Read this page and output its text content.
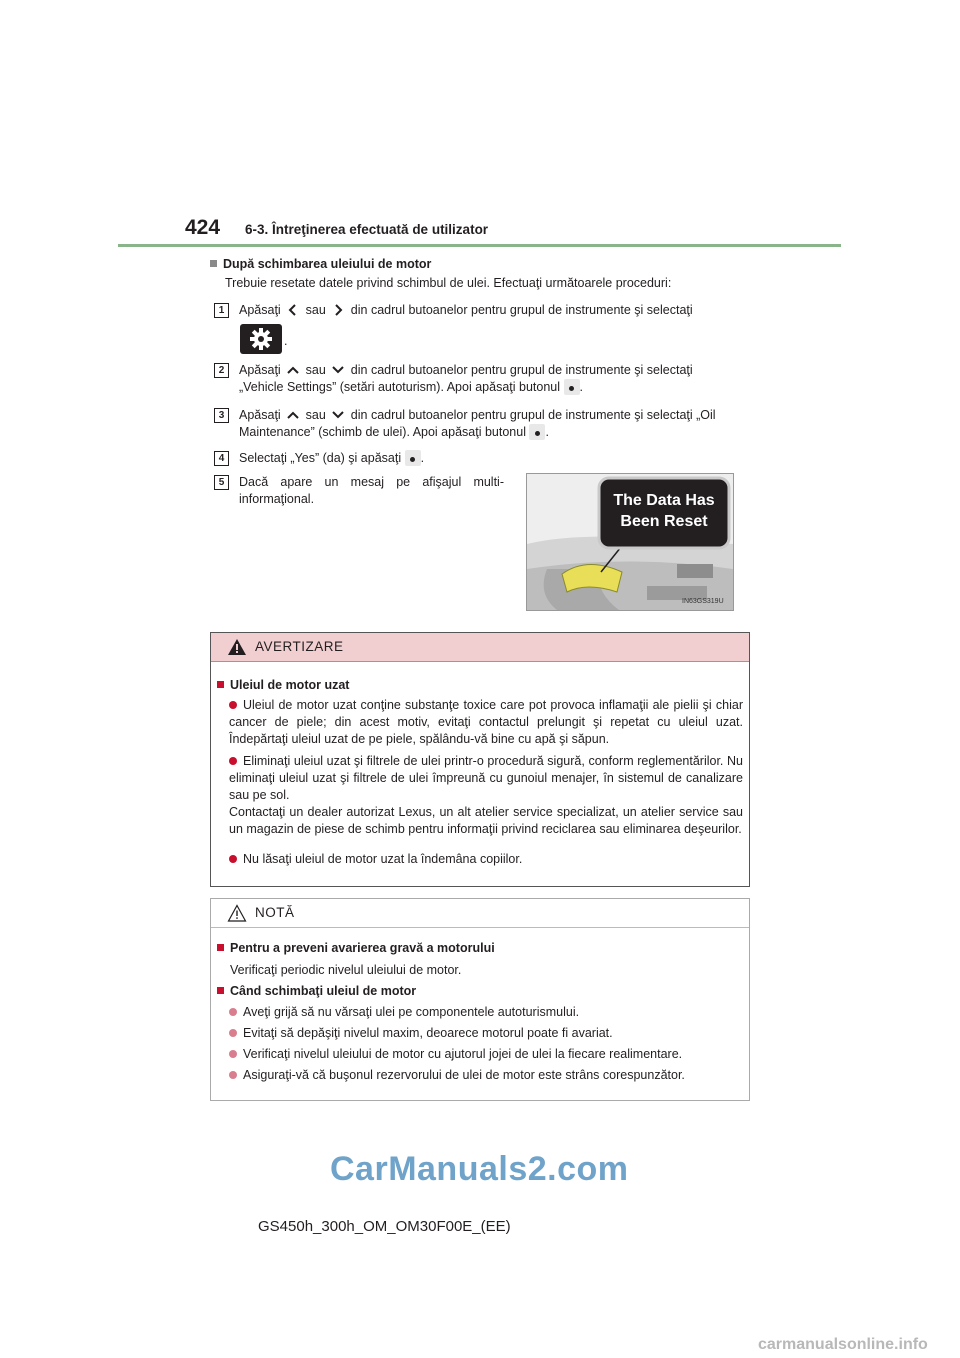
424 6-3. Întreţinerea efectuată de utilizator
După schimbarea uleiului de motor
Trebuie resetate datele privind schimbul de ulei. Efectuaţi următoarele proceduri:
1	Apăsaţi sau din cadrul butoanelor pentru grupul de instrumente şi selectaţi
.
2	Apăsaţi sau din cadrul butoanelor pentru grupul de instrumente şi selectaţi
„Vehicle Settings” (setări autoturism). Apoi apăsaţi butonul .
3	Apăsaţi sau din cadrul butoanelor pentru grupul de instrumente şi selectaţi „Oil
Maintenance” (schimb de ulei). Apoi apăsaţi butonul .
4	Selectaţi „Yes” (da) şi apăsaţi .
5	Dacă apare un mesaj pe afişajul multi-informaţional.	The Data Has
Been Reset
IN63GS319U
AVERTIZARE
Uleiul de motor uzat
Uleiul de motor uzat conţine substanţe toxice care pot provoca inflamaţii ale pielii şi chiar cancer de piele; din acest motiv, evitaţi contactul prelungit şi repetat cu uleiul uzat. Îndepărtaţi uleiul uzat de pe piele, spălându-vă bine cu apă şi săpun.
Eliminaţi uleiul uzat şi filtrele de ulei printr-o procedură sigură, conform reglementărilor. Nu eliminaţi uleiul uzat şi filtrele de ulei împreună cu gunoiul menajer, în sistemul de canalizare sau pe sol.
Contactaţi un dealer autorizat Lexus, un alt atelier service specializat, un atelier service sau un magazin de piese de schimb pentru informaţii privind reciclarea sau eliminarea deşeurilor.
Nu lăsaţi uleiul de motor uzat la îndemâna copiilor.
NOTĂ
Pentru a preveni avarierea gravă a motorului
Verificaţi periodic nivelul uleiului de motor.
Când schimbaţi uleiul de motor
Aveţi grijă să nu vărsaţi ulei pe componentele autoturismului.
Evitaţi să depăşiţi nivelul maxim, deoarece motorul poate fi avariat.
Verificaţi nivelul uleiului de motor cu ajutorul jojei de ulei la fiecare realimentare.
Asiguraţi-vă că buşonul rezervorului de ulei de motor este strâns corespunzător.
CarManuals2.com
GS450h_300h_OM_OM30F00E_(EE)
carmanualsonline.info
